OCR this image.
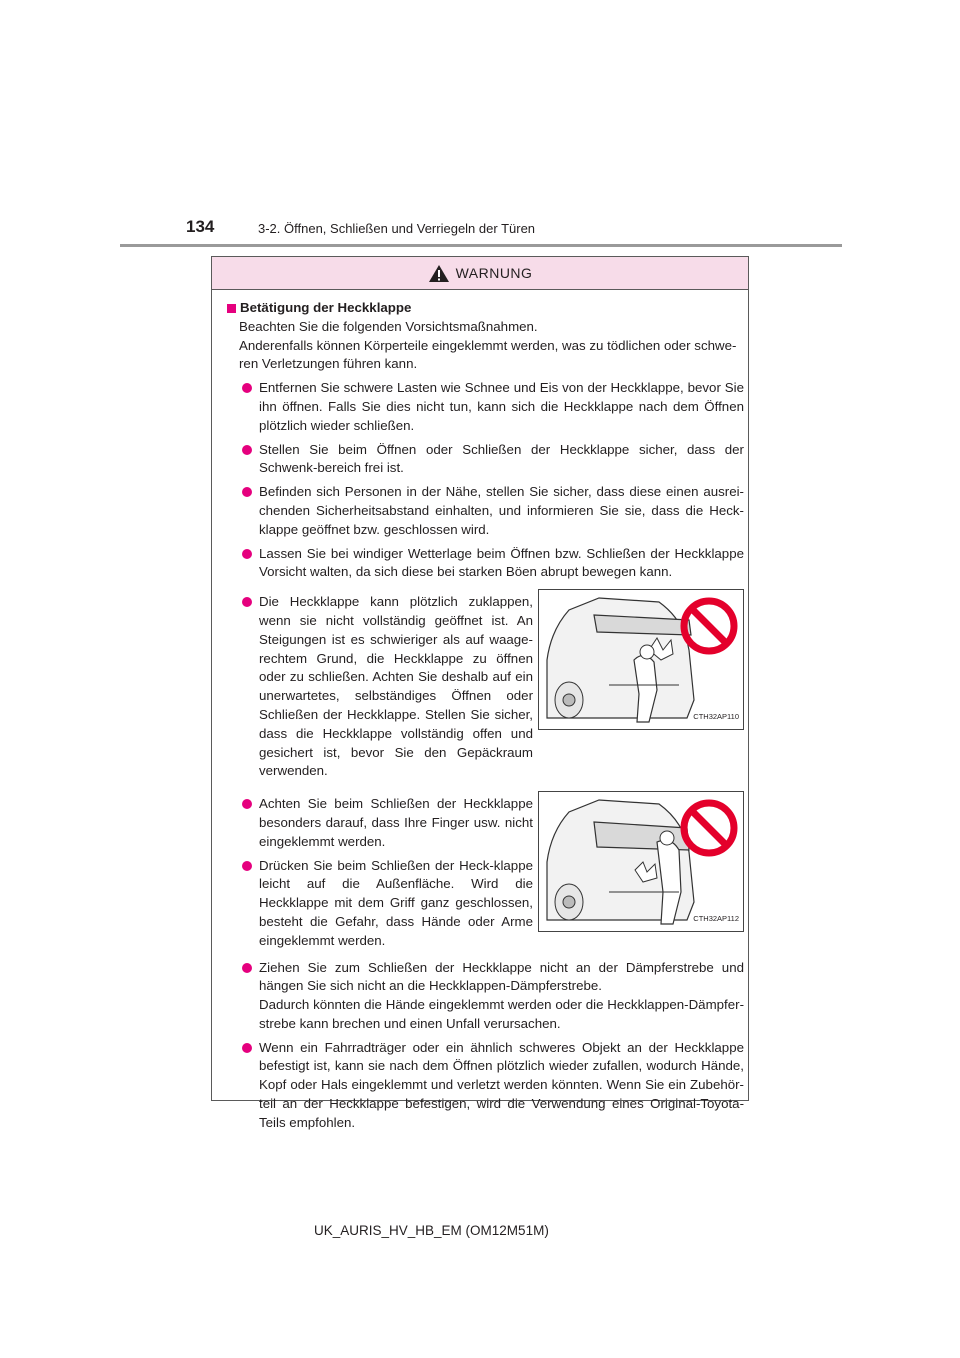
134	3-2. Öffnen, Schließen und Verriegeln der Türen
WARNUNG
Betätigung der Heckklappe
Beachten Sie die folgenden Vorsichtsmaßnahmen.
Anderenfalls können Körperteile eingeklemmt werden, was zu tödlichen oder schwe-ren Verletzungen führen kann.
Entfernen Sie schwere Lasten wie Schnee und Eis von der Heckklappe, bevor Sie ihn öffnen. Falls Sie dies nicht tun, kann sich die Heckklappe nach dem Öffnen plötzlich wieder schließen.
Stellen Sie beim Öffnen oder Schließen der Heckklappe sicher, dass der Schwenk-bereich frei ist.
Befinden sich Personen in der Nähe, stellen Sie sicher, dass diese einen ausrei-chenden Sicherheitsabstand einhalten, und informieren Sie sie, dass die Heck-klappe geöffnet bzw. geschlossen wird.
Lassen Sie bei windiger Wetterlage beim Öffnen bzw. Schließen der Heckklappe Vorsicht walten, da sich diese bei starken Böen abrupt bewegen kann.
Die Heckklappe kann plötzlich zuklappen, wenn sie nicht vollständig geöffnet ist. An Steigungen ist es schwieriger als auf waage-rechtem Grund, die Heckklappe zu öffnen oder zu schließen. Achten Sie deshalb auf ein unerwartetes, selbständiges Öffnen oder Schließen der Heckklappe. Stellen Sie sicher, dass die Heckklappe vollständig offen und gesichert ist, bevor Sie den Gepäckraum verwenden.
CTH32AP110
Achten Sie beim Schließen der Heckklappe besonders darauf, dass Ihre Finger usw. nicht eingeklemmt werden.
Drücken Sie beim Schließen der Heck-klappe leicht auf die Außenfläche. Wird die Heckklappe mit dem Griff ganz geschlossen, besteht die Gefahr, dass Hände oder Arme eingeklemmt werden.
CTH32AP112
Ziehen Sie zum Schließen der Heckklappe nicht an der Dämpferstrebe und hängen Sie sich nicht an die Heckklappen-Dämpferstrebe.
Dadurch könnten die Hände eingeklemmt werden oder die Heckklappen-Dämpfer-strebe kann brechen und einen Unfall verursachen.
Wenn ein Fahrradträger oder ein ähnlich schweres Objekt an der Heckklappe befestigt ist, kann sie nach dem Öffnen plötzlich wieder zufallen, wodurch Hände, Kopf oder Hals eingeklemmt und verletzt werden könnten. Wenn Sie ein Zubehör-teil an der Heckklappe befestigen, wird die Verwendung eines Original-Toyota-Teils empfohlen.
UK_AURIS_HV_HB_EM (OM12M51M)
